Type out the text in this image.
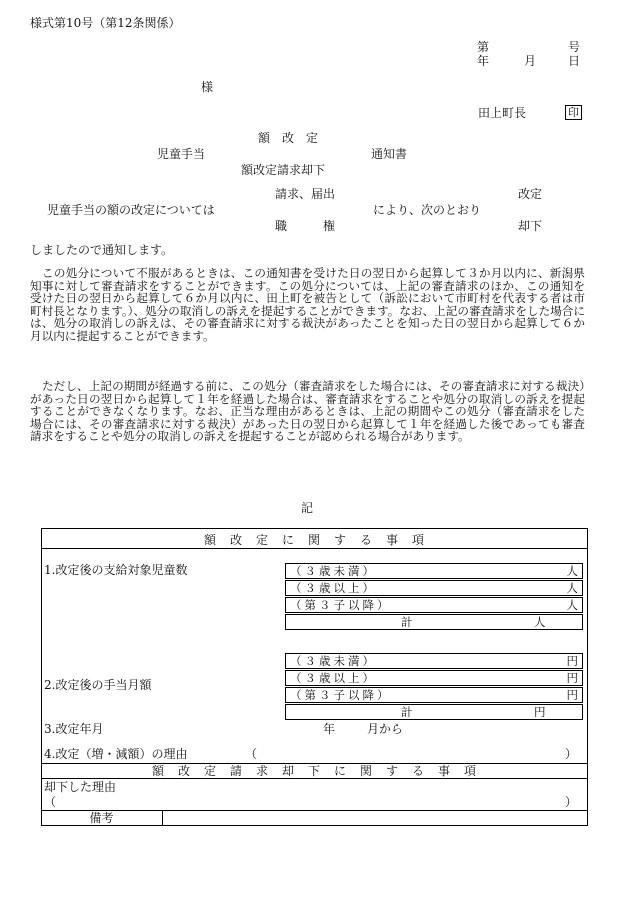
様式第10号（第12条関係）
第	号
年	月	日
様
田上町長	印
額　改　定
児童手当	通知書
額改定請求却下
請求、届出	改定
児童手当の額の改定については	により、次のとおり
職　　　権	却下
しましたので通知します。
この処分について不服があるときは、この通知書を受けた日の翌日から起算して３か月以内に、新潟県知事に対して審査請求をすることができます。この処分については、上記の審査請求のほか、この通知を受けた日の翌日から起算して６か月以内に、田上町を被告として（訴訟において市町村を代表する者は市町村長となります。）、処分の取消しの訴えを提起することができます。なお、上記の審査請求をした場合には、処分の取消しの訴えは、その審査請求に対する裁決があったことを知った日の翌日から起算して６か月以内に提起することができます。
ただし、上記の期間が経過する前に、この処分（審査請求をした場合には、その審査請求に対する裁決）があった日の翌日から起算して１年を経過した場合は、審査請求をすることや処分の取消しの訴えを提起することができなくなります。なお、正当な理由があるときは、上記の期間やこの処分（審査請求をした場合には、その審査請求に対する裁決）があった日の翌日から起算して１年を経過した後であっても審査請求をすることや処分の取消しの訴えを提起することが認められる場合があります。
記
額　改　定　に　関　す　る　事　項
1.改定後の支給対象児童数	（３歳未満）	人
（３歳以上）	人
（第３子以降）	人
計	人
（３歳未満）	円
（３歳以上）	円
（第３子以降）	円
2.改定後の手当月額
計	円
3.改定年月	年	月から
4.改定（増・減額）の理由	（	）
額　改　定　請　求　却　下　に　関　す　る　事　項
却下した理由
（	）
備考
